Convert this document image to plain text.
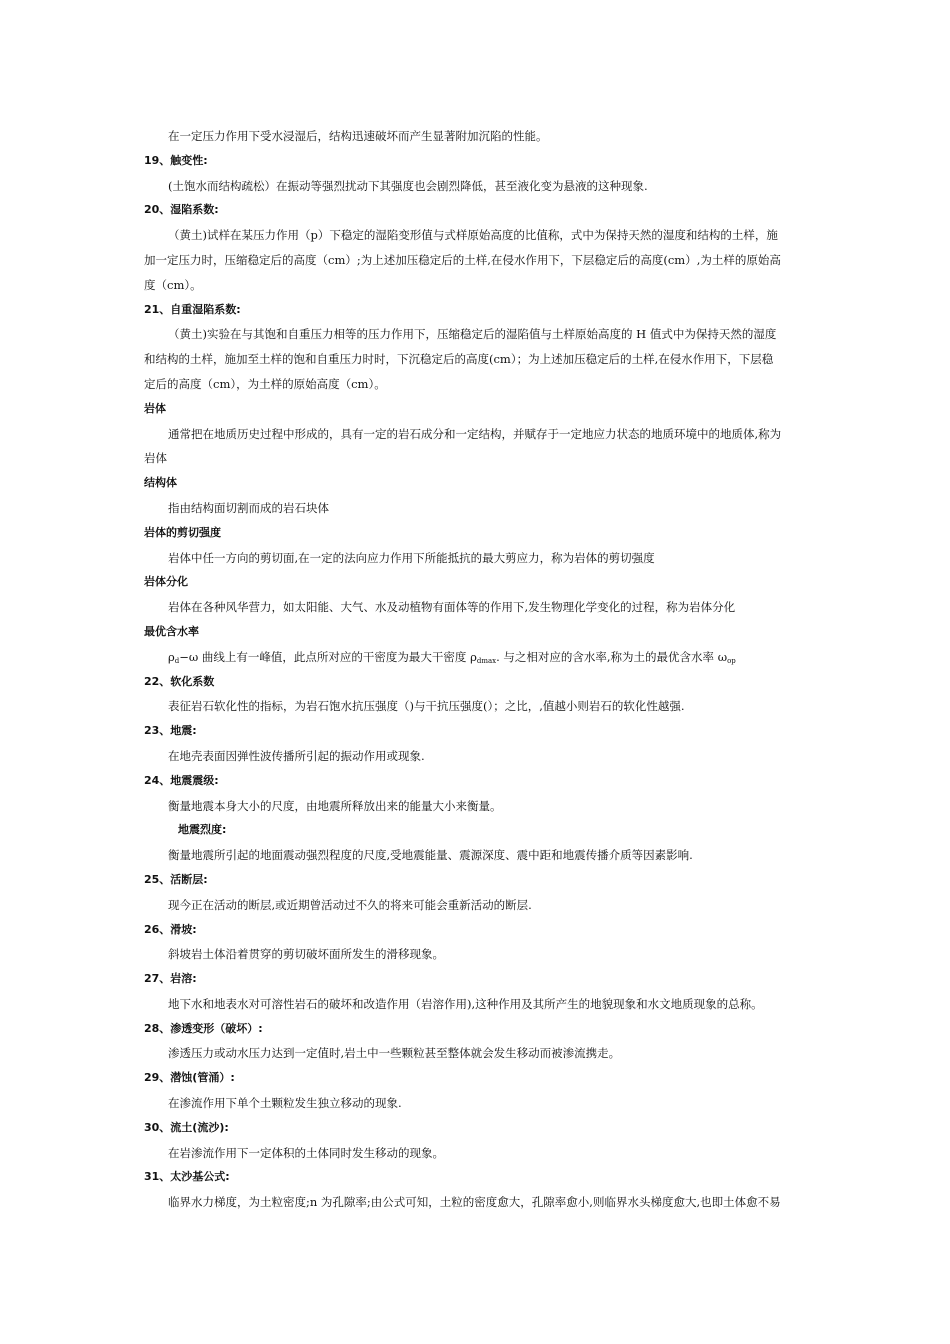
在一定压力作用下受水浸湿后，结构迅速破坏而产生显著附加沉陷的性能。
19、触变性:
(土饱水而结构疏松）在振动等强烈扰动下其强度也会剧烈降低，甚至液化变为悬液的这种现象.
20、湿陷系数:
（黄土)试样在某压力作用（p）下稳定的湿陷变形值与式样原始高度的比值称，式中为保持天然的湿度和结构的土样，施
加一定压力时，压缩稳定后的高度（cm）;为上述加压稳定后的土样,在侵水作用下，下层稳定后的高度(cm）,为土样的原始高
度（cm）。
21、自重湿陷系数:
（黄土)实验在与其饱和自重压力相等的压力作用下，压缩稳定后的湿陷值与土样原始高度的 H 值式中为保持天然的湿度
和结构的土样，施加至土样的饱和自重压力时时，下沉稳定后的高度(cm）；为上述加压稳定后的土样,在侵水作用下，下层稳
定后的高度（cm），为土样的原始高度（cm）。
岩体
通常把在地质历史过程中形成的，具有一定的岩石成分和一定结构，并赋存于一定地应力状态的地质环境中的地质体,称为
岩体
结构体
指由结构面切割而成的岩石块体
岩体的剪切强度
岩体中任一方向的剪切面,在一定的法向应力作用下所能抵抗的最大剪应力，称为岩体的剪切强度
岩体分化
岩体在各种风华营力，如太阳能、大气、水及动植物有面体等的作用下,发生物理化学变化的过程，称为岩体分化
最优含水率
$\rho_d-\omega$ 曲线上有一峰值，此点所对应的干密度为最大干密度 $\rho_{dmax}$. 与之相对应的含水率,称为土的最优含水率 $\omega_{op}$
22、软化系数
表征岩石软化性的指标，为岩石饱水抗压强度（)与干抗压强度(）；之比，,值越小则岩石的软化性越强.
23、地震:
在地壳表面因弹性波传播所引起的振动作用或现象.
24、地震震级:
衡量地震本身大小的尺度，由地震所释放出来的能量大小来衡量。
地震烈度:
衡量地震所引起的地面震动强烈程度的尺度,受地震能量、震源深度、震中距和地震传播介质等因素影响.
25、活断层:
现今正在活动的断层,或近期曾活动过不久的将来可能会重新活动的断层.
26、滑坡:
斜坡岩土体沿着贯穿的剪切破坏面所发生的滑移现象。
27、岩溶:
地下水和地表水对可溶性岩石的破坏和改造作用（岩溶作用),这种作用及其所产生的地貌现象和水文地质现象的总称。
28、渗透变形（破坏）:
渗透压力或动水压力达到一定值时,岩土中一些颗粒甚至整体就会发生移动而被渗流携走。
29、潜蚀(管涌）:
在渗流作用下单个土颗粒发生独立移动的现象.
30、流土(流沙):
在岩渗流作用下一定体积的土体同时发生移动的现象。
31、太沙基公式:
临界水力梯度，为土粒密度;n 为孔隙率;由公式可知，土粒的密度愈大，孔隙率愈小,则临界水头梯度愈大,也即土体愈不易
